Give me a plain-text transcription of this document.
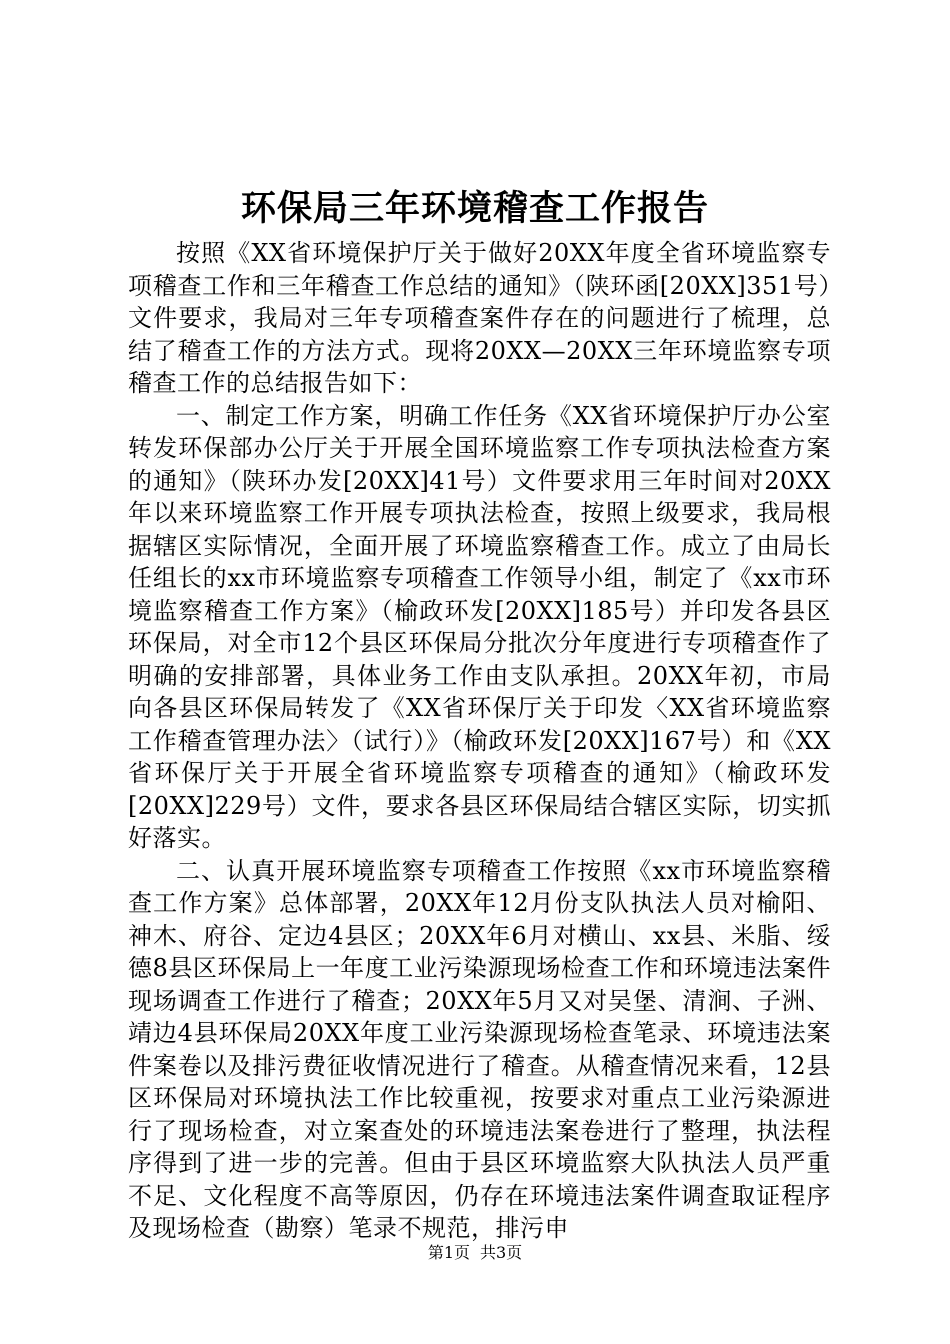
环保局三年环境稽查工作报告

按照《XX省环境保护厅关于做好20XX年度全省环境监察专项稽查工作和三年稽查工作总结的通知》（陕环函[20XX]351号）文件要求，我局对三年专项稽查案件存在的问题进行了梳理，总结了稽查工作的方法方式。现将20XX—20XX三年环境监察专项稽查工作的总结报告如下：

一、制定工作方案，明确工作任务《XX省环境保护厅办公室转发环保部办公厅关于开展全国环境监察工作专项执法检查方案的通知》（陕环办发[20XX]41号）文件要求用三年时间对20XX年以来环境监察工作开展专项执法检查，按照上级要求，我局根据辖区实际情况，全面开展了环境监察稽查工作。成立了由局长任组长的xx市环境监察专项稽查工作领导小组，制定了《xx市环境监察稽查工作方案》（榆政环发[20XX]185号）并印发各县区环保局，对全市12个县区环保局分批次分年度进行专项稽查作了明确的安排部署，具体业务工作由支队承担。20XX年初，市局向各县区环保局转发了《XX省环保厅关于印发〈XX省环境监察工作稽查管理办法〉（试行）》（榆政环发[20XX]167号）和《XX省环保厅关于开展全省环境监察专项稽查的通知》（榆政环发[20XX]229号）文件，要求各县区环保局结合辖区实际，切实抓好落实。

二、认真开展环境监察专项稽查工作按照《xx市环境监察稽查工作方案》总体部署，20XX年12月份支队执法人员对榆阳、神木、府谷、定边4县区；20XX年6月对横山、xx县、米脂、绥德8县区环保局上一年度工业污染源现场检查工作和环境违法案件现场调查工作进行了稽查；20XX年5月又对吴堡、清涧、子洲、靖边4县环保局20XX年度工业污染源现场检查笔录、环境违法案件案卷以及排污费征收情况进行了稽查。从稽查情况来看，12县区环保局对环境执法工作比较重视，按要求对重点工业污染源进行了现场检查，对立案查处的环境违法案卷进行了整理，执法程序得到了进一步的完善。但由于县区环境监察大队执法人员严重不足、文化程度不高等原因，仍存在环境违法案件调查取证程序及现场检查（勘察）笔录不规范，排污申

第1页 共3页
